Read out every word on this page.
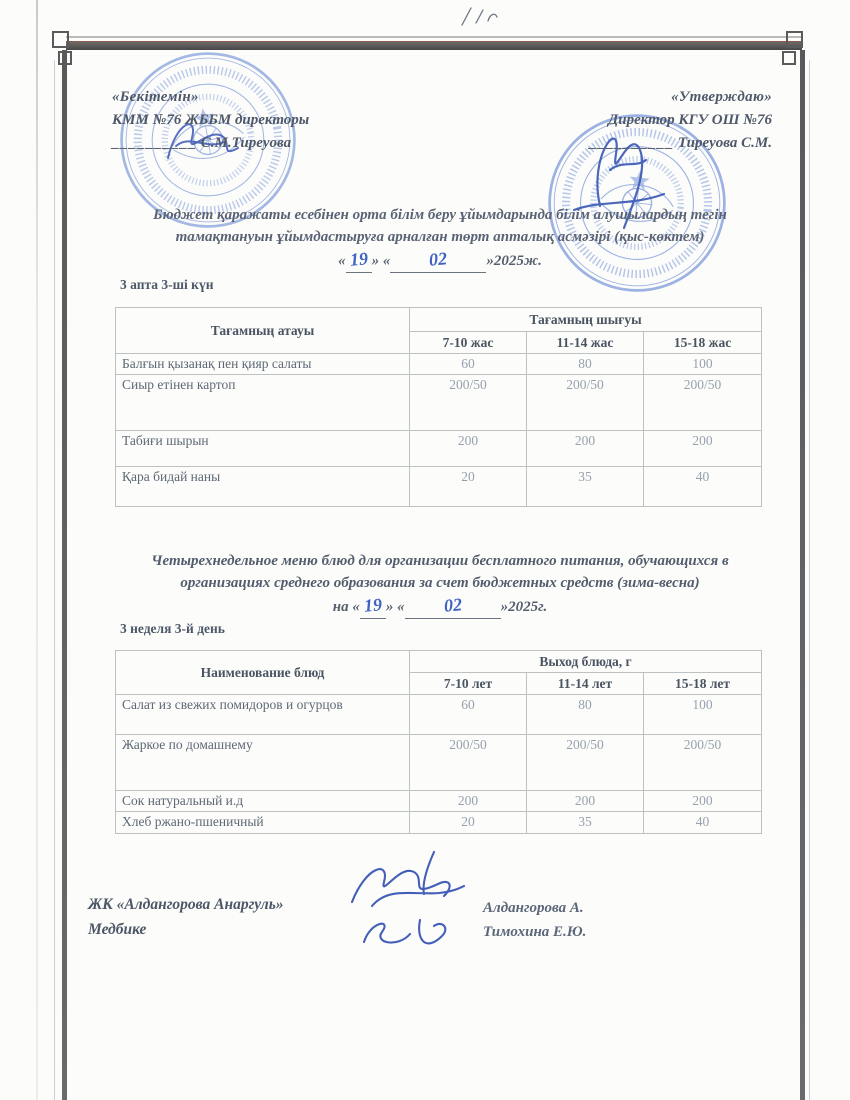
«Бекітемін»
КММ №76 ЖББМ директоры
__________ С.М.Тиреуова
«Утверждаю»
Директор КГУ ОШ №76
__________ Тиреуова С.М.
Бюджет қаражаты есебінен орта білім беру ұйымдарында білім алушылардың тегін
тамақтануын ұйымдастыруға арналған төрт апталық асмәзірі (қыс-көктем)
« 19 » « 02	»2025ж.
3 апта 3-ші күн
Тағамның атауы	Тағамның шығуы		
	7-10 жас	11-14 жас	15-18 жас
Балғын қызанақ пен қияр салаты	60	80	100
Сиыр етінен картоп	200/50	200/50	200/50
Табиғи шырын	200	200	200
Қара бидай наны	20	35	40
Четырехнедельное меню блюд для организации бесплатного питания, обучающихся в
организациях среднего образования за счет бюджетных средств (зима-весна)
на « 19 » « 02	»2025г.
3 неделя 3-й день
Наименование блюд	Выход блюда, г		
	7-10 лет	11-14 лет	15-18 лет
Салат из свежих помидоров и огурцов	60	80	100
Жаркое по домашнему	200/50	200/50	200/50
Сок натуральный и.д	200	200	200
Хлеб ржано-пшеничный	20	35	40
ЖК «Алдангорова Анаргуль»
Медбике
Алдангорова А.
Тимохина Е.Ю.
